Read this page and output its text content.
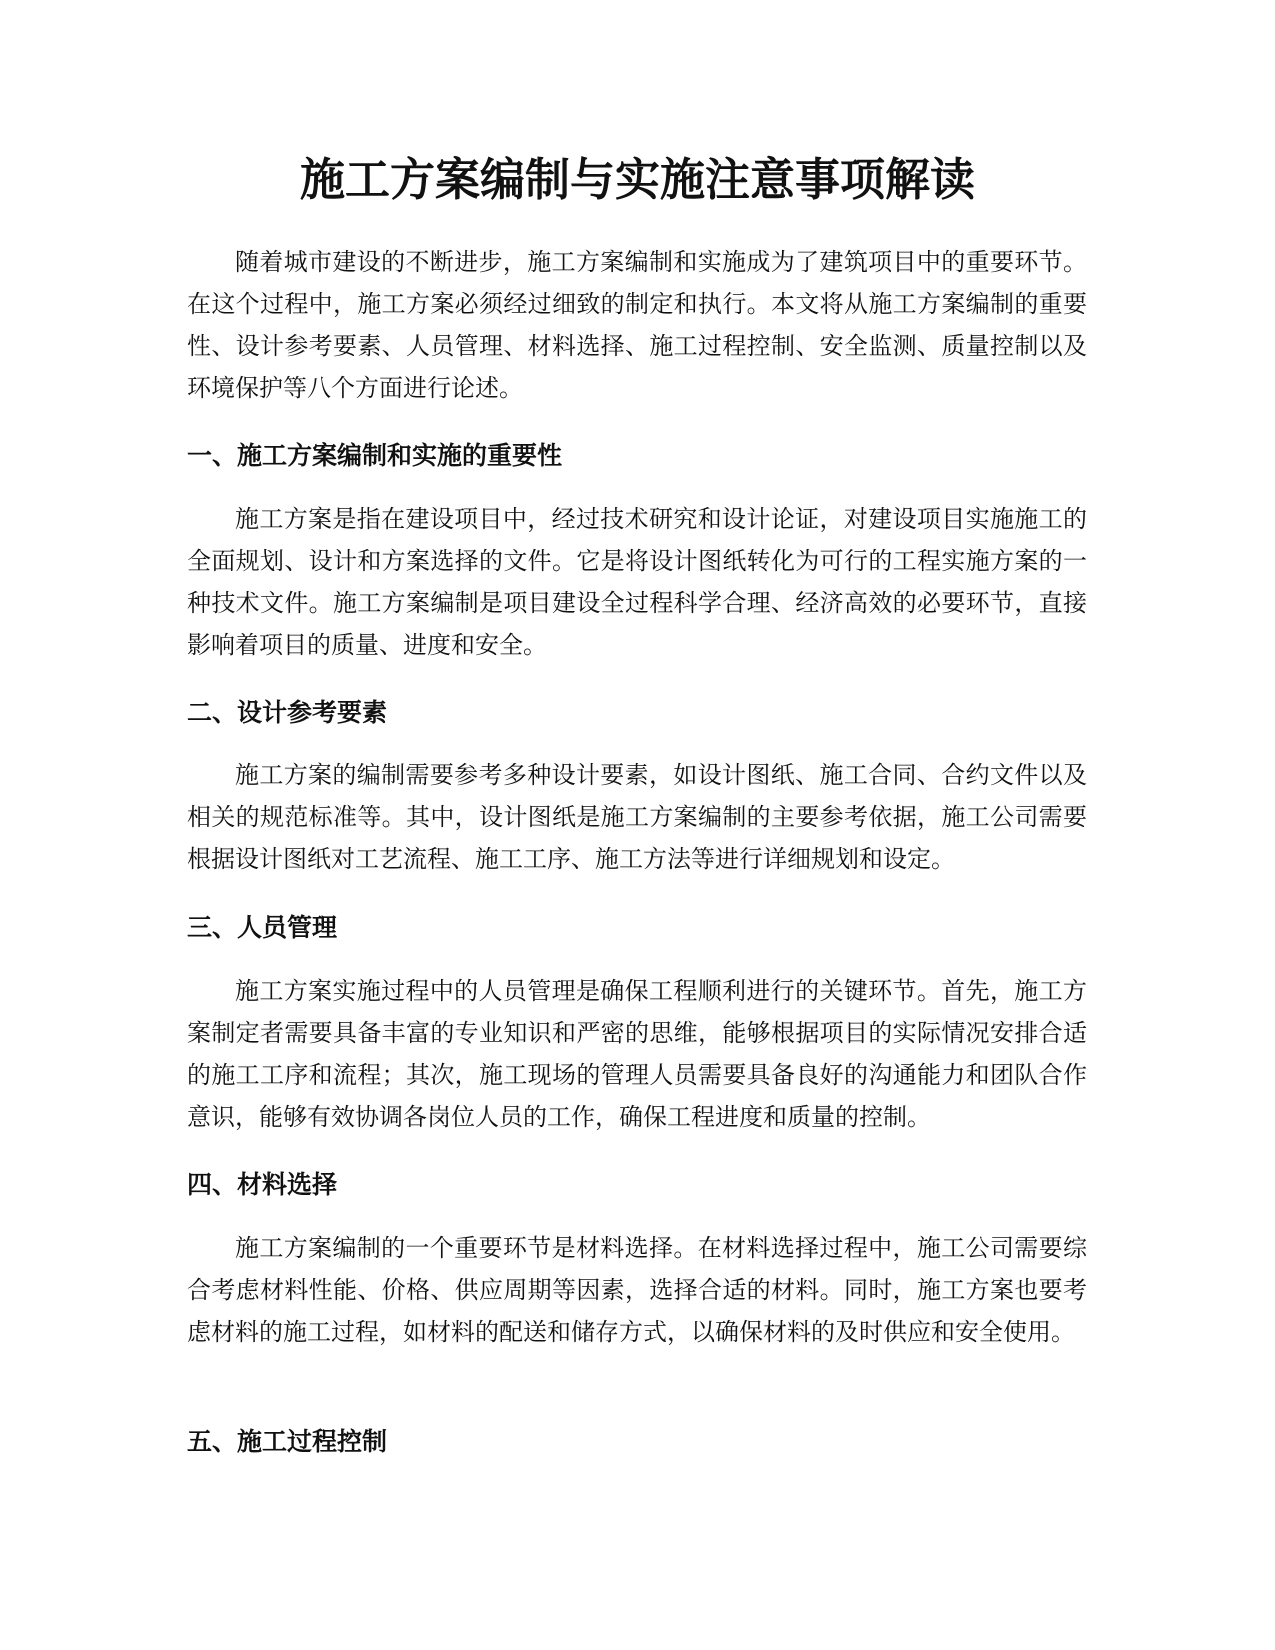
施工方案编制与实施注意事项解读

随着城市建设的不断进步，施工方案编制和实施成为了建筑项目中的重要环节。在这个过程中，施工方案必须经过细致的制定和执行。本文将从施工方案编制的重要性、设计参考要素、人员管理、材料选择、施工过程控制、安全监测、质量控制以及环境保护等八个方面进行论述。

一、施工方案编制和实施的重要性

施工方案是指在建设项目中，经过技术研究和设计论证，对建设项目实施施工的全面规划、设计和方案选择的文件。它是将设计图纸转化为可行的工程实施方案的一种技术文件。施工方案编制是项目建设全过程科学合理、经济高效的必要环节，直接影响着项目的质量、进度和安全。

二、设计参考要素

施工方案的编制需要参考多种设计要素，如设计图纸、施工合同、合约文件以及相关的规范标准等。其中，设计图纸是施工方案编制的主要参考依据，施工公司需要根据设计图纸对工艺流程、施工工序、施工方法等进行详细规划和设定。

三、人员管理

施工方案实施过程中的人员管理是确保工程顺利进行的关键环节。首先，施工方案制定者需要具备丰富的专业知识和严密的思维，能够根据项目的实际情况安排合适的施工工序和流程；其次，施工现场的管理人员需要具备良好的沟通能力和团队合作意识，能够有效协调各岗位人员的工作，确保工程进度和质量的控制。

四、材料选择

施工方案编制的一个重要环节是材料选择。在材料选择过程中，施工公司需要综合考虑材料性能、价格、供应周期等因素，选择合适的材料。同时，施工方案也要考虑材料的施工过程，如材料的配送和储存方式，以确保材料的及时供应和安全使用。

五、施工过程控制
